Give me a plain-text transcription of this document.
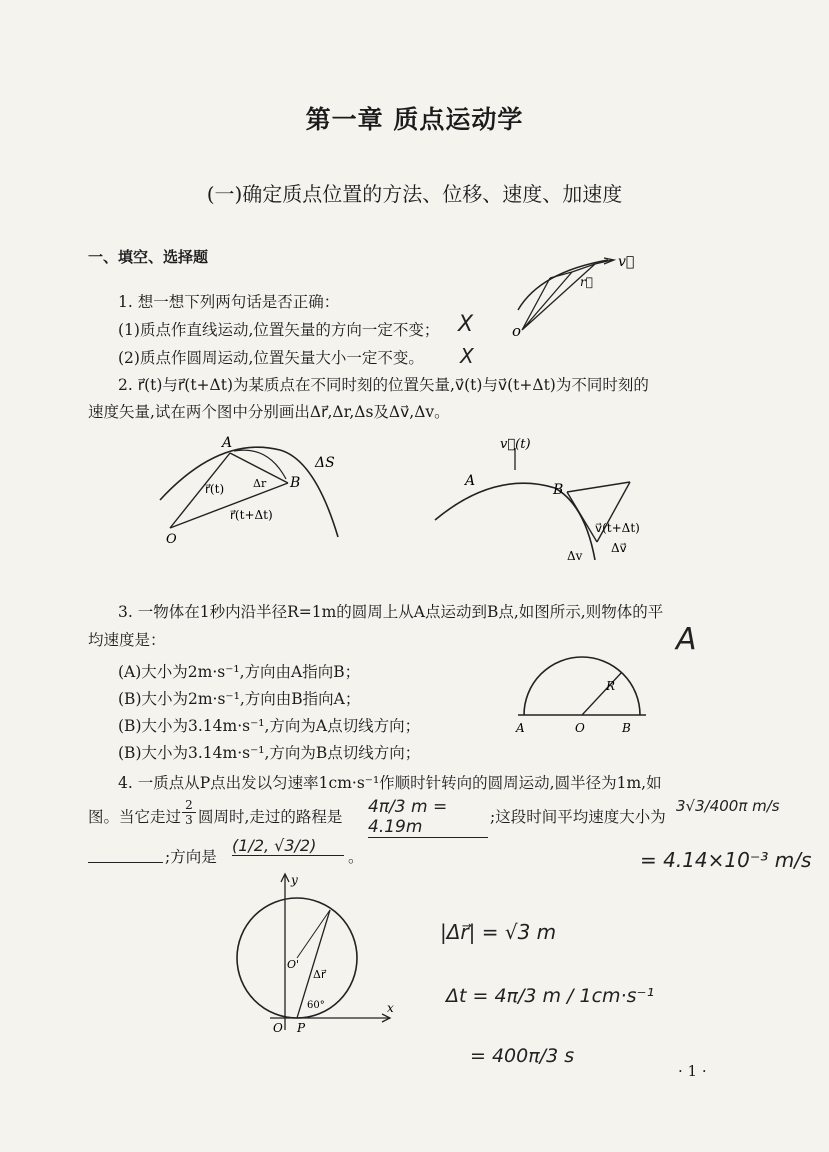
第一章 质点运动学
(一)确定质点位置的方法、位移、速度、加速度
一、填空、选择题
1. 想一想下列两句话是否正确：
(1)质点作直线运动,位置矢量的方向一定不变； X
(2)质点作圆周运动,位置矢量大小一定不变。 X
v⃗
r⃗
o
2. r⃗(t)与r⃗(t+Δt)为某质点在不同时刻的位置矢量,v⃗(t)与v⃗(t+Δt)为不同时刻的
速度矢量,试在两个图中分别画出Δr⃗,Δr,Δs及Δv⃗,Δv。
A
B
O
r⃗(t)
r⃗(t+Δt)
Δr
ΔS
v⃗(t)
A
B
v⃗(t+Δt)
Δv⃗
Δv
3. 一物体在1秒内沿半径R=1m的圆周上从A点运动到B点,如图所示,则物体的平
均速度是：	A
(A)大小为2m·s⁻¹,方向由A指向B；
(B)大小为2m·s⁻¹,方向由B指向A；
(B)大小为3.14m·s⁻¹,方向为A点切线方向；
(B)大小为3.14m·s⁻¹,方向为B点切线方向；
A	O	B
R
4. 一质点从P点出发以匀速率1cm·s⁻¹作顺时针转向的圆周运动,圆半径为1m,如
图。当它走过 $\frac{2}{3}$ 圆周时,走过的路程是 4π/3 m = 4.19m	;这段时间平均速度大小为
3√3/400π m/s
;方向是
(1/2, √3/2)
。	= 4.14×10⁻³ m/s
x
y
O P
O'
Δr⃗
60°
|Δr⃗| = √3 m
Δt = 4π/3 m / 1cm·s⁻¹
= 400π/3 s
· 1 ·
